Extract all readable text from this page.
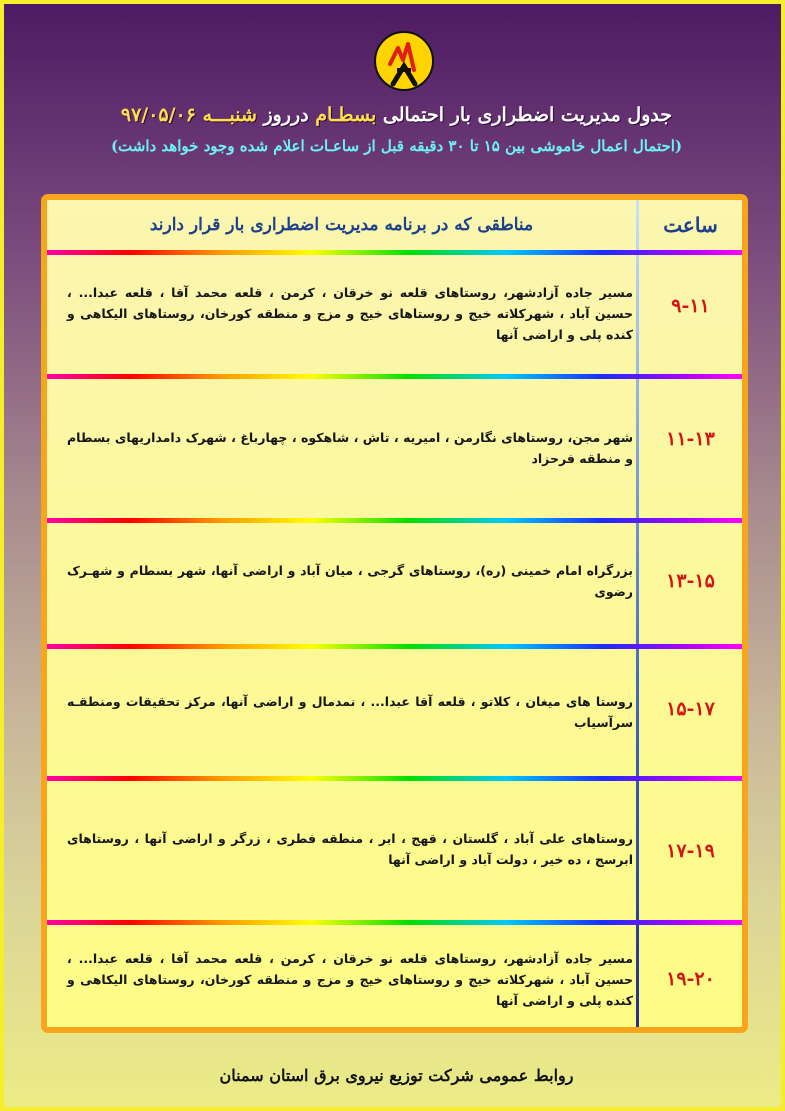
جدول مدیریت اضطراری بار احتمالی بسطـام درروز شنبـــه ۹۷/۰۵/۰۶
(احتمال اعمال خاموشی بین ۱۵ تا ۳۰ دقیقه قبل از ساعـات اعلام شده وجود خواهد داشت)
ساعت
مناطقی که در برنامه مدیریت اضطراری بار قرار دارند
۹-۱۱
مسیر جاده آزادشهر، روستاهای قلعه نو خرقان ، کرمن ، قلعه محمد آقا ، قلعه عبدا... ، حسین آباد ، شهرکلاته خیج و روستاهای خیج و مزج و منطقه کورخان، روستاهای الیکاهی و کنده پلی و اراضی آنها
۱۱-۱۳
شهر مجن، روستاهای نگارمن ، امیریه ، تاش ، شاهکوه ، چهارباغ ، شهرک دامداریهای بسطام و منطقه فرحزاد
۱۳-۱۵
بزرگراه امام خمینی (ره)، روستاهای گرجی ، میان آباد و اراضی آنها، شهر بسطام و شهـرک رضوی
۱۵-۱۷
روستا های میغان ، کلاتو ، قلعه آقا عبدا... ، نمدمال و اراضی آنها، مرکز تحقیقات ومنطقـه سرآسیاب
۱۷-۱۹
روستاهای علی آباد ، گلستان ، قهج ، ابر ، منطقه فطری ، زرگر و اراضی آنها ، روستاهای ابرسج ، ده خیر ، دولت آباد و اراضی آنها
۱۹-۲۰
مسیر جاده آزادشهر، روستاهای قلعه نو خرقان ، کرمن ، قلعه محمد آقا ، قلعه عبدا... ، حسین آباد ، شهرکلاته خیج و روستاهای خیج و مزج و منطقه کورخان، روستاهای الیکاهی و کنده پلی و اراضی آنها
روابط عمومی شرکت توزیع نیروی برق استان سمنان
